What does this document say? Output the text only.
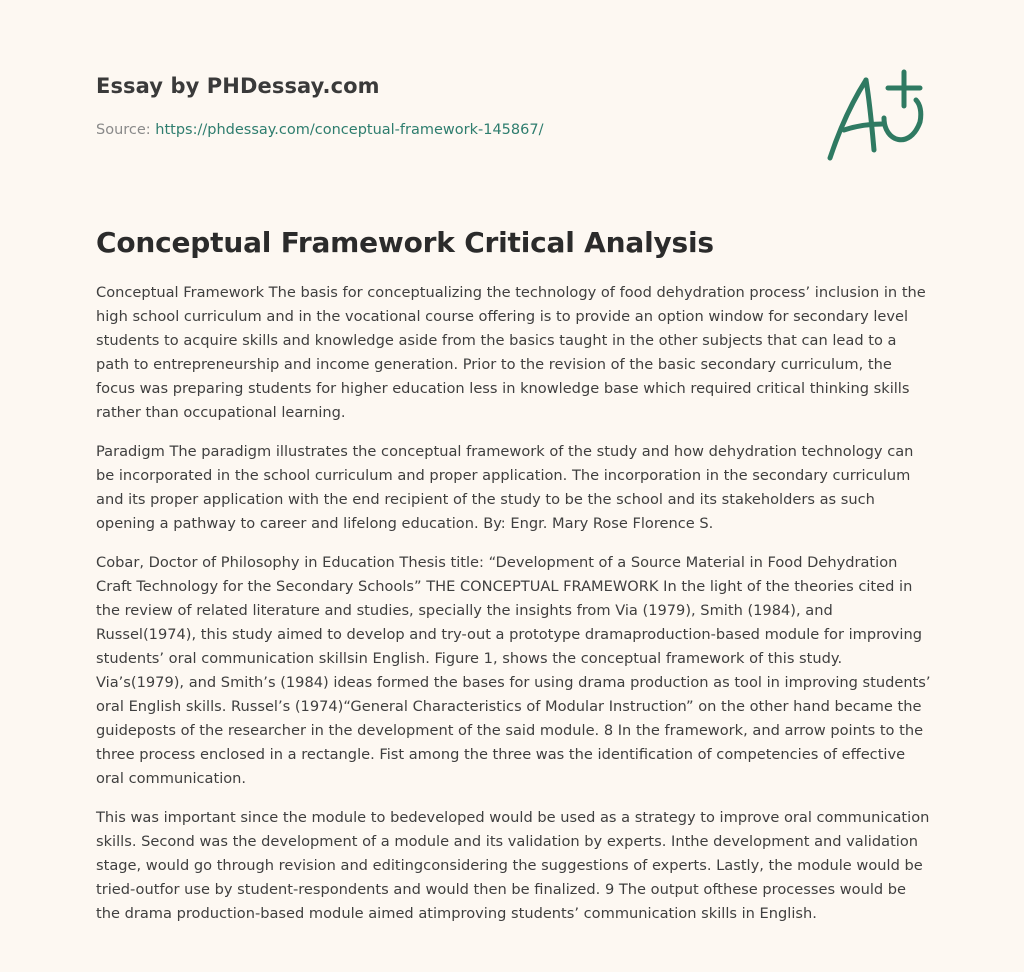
Essay by PHDessay.com
Source: https://phdessay.com/conceptual-framework-145867/
Conceptual Framework Critical Analysis

Conceptual Framework The basis for conceptualizing the technology of food dehydration process’ inclusion in the high school curriculum and in the vocational course offering is to provide an option window for secondary level students to acquire skills and knowledge aside from the basics taught in the other subjects that can lead to a path to entrepreneurship and income generation. Prior to the revision of the basic secondary curriculum, the focus was preparing students for higher education less in knowledge base which required critical thinking skills rather than occupational learning.

Paradigm The paradigm illustrates the conceptual framework of the study and how dehydration technology can be incorporated in the school curriculum and proper application. The incorporation in the secondary curriculum and its proper application with the end recipient of the study to be the school and its stakeholders as such opening a pathway to career and lifelong education. By: Engr. Mary Rose Florence S.

Cobar, Doctor of Philosophy in Education Thesis title: “Development of a Source Material in Food Dehydration Craft Technology for the Secondary Schools” THE CONCEPTUAL FRAMEWORK In the light of the theories cited in the review of related literature and studies, specially the insights from Via (1979), Smith (1984), and Russel(1974), this study aimed to develop and try-out a prototype dramaproduction-based module for improving students’ oral communication skillsin English. Figure 1, shows the conceptual framework of this study. Via’s(1979), and Smith’s (1984) ideas formed the bases for using drama production as tool in improving students’ oral English skills. Russel’s (1974)“General Characteristics of Modular Instruction” on the other hand became the guideposts of the researcher in the development of the said module. 8 In the framework, and arrow points to the three process enclosed in a rectangle. Fist among the three was the identification of competencies of effective oral communication.

This was important since the module to bedeveloped would be used as a strategy to improve oral communication skills. Second was the development of a module and its validation by experts. Inthe development and validation stage, would go through revision and editingconsidering the suggestions of experts. Lastly, the module would be tried-outfor use by student-respondents and would then be finalized. 9 The output ofthese processes would be the drama production-based module aimed atimproving students’ communication skills in English.
